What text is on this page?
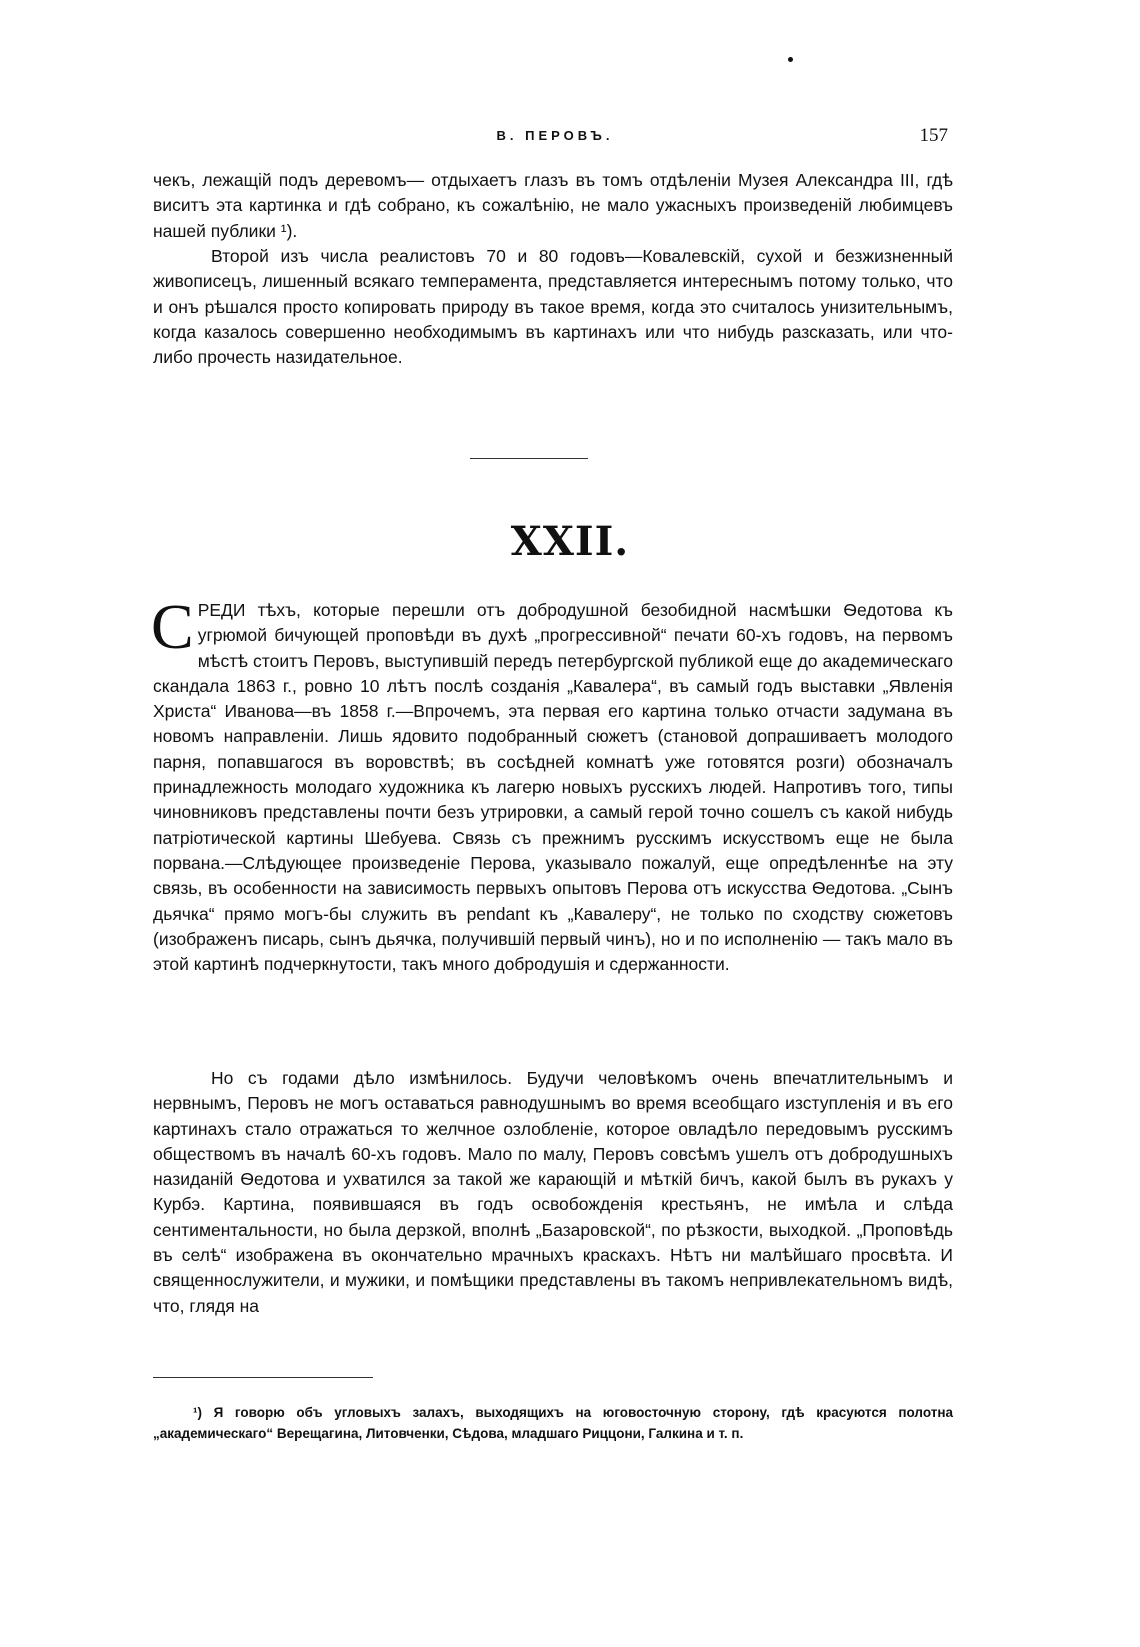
В. ПЕРОВЪ.	157

чекъ, лежащій подъ деревомъ— отдыхаетъ глазъ въ томъ отдѣленіи Музея Александра III, гдѣ виситъ эта картинка и гдѣ собрано, къ сожалѣнію, не мало ужасныхъ произведеній любимцевъ нашей публики ¹).

Второй изъ числа реалистовъ 70 и 80 годовъ—Ковалевскій, сухой и безжизненный живописецъ, лишенный всякаго темперамента, представляется интереснымъ потому только, что и онъ рѣшался просто копировать природу въ такое время, когда это считалось унизительнымъ, когда казалось совершенно необходимымъ въ картинахъ или что нибудь разсказать, или что-либо прочесть назидательное.

XXII.
СРЕДИ тѣхъ, которые перешли отъ добродушной безобидной насмѣшки Ѳедотова къ угрюмой бичующей проповѣди въ духѣ „прогрессивной“ печати 60-хъ годовъ, на первомъ мѣстѣ стоитъ Перовъ, выступившій передъ петербургской публикой еще до академическаго скандала 1863 г., ровно 10 лѣтъ послѣ созданія „Кавалера“, въ самый годъ выставки „Явленія Христа“ Иванова—въ 1858 г.—Впрочемъ, эта первая его картина только отчасти задумана въ новомъ направленіи. Лишь ядовито подобранный сюжетъ (становой допрашиваетъ молодого парня, попавшагося въ воровствѣ; въ сосѣдней комнатѣ уже готовятся розги) обозначалъ принадлежность молодаго художника къ лагерю новыхъ русскихъ людей. Напротивъ того, типы чиновниковъ представлены почти безъ утрировки, а самый герой точно сошелъ съ какой нибудь патріотической картины Шебуева. Связь съ прежнимъ русскимъ искусствомъ еще не была порвана.—Слѣдующее произведеніе Перова, указывало пожалуй, еще опредѣленнѣе на эту связь, въ особенности на зависимость первыхъ опытовъ Перова отъ искусства Ѳедотова. „Сынъ дьячка“ прямо могъ-бы служить въ pendant къ „Кавалеру“, не только по сходству сюжетовъ (изображенъ писарь, сынъ дьячка, получившій первый чинъ), но и по исполненію — такъ мало въ этой картинѣ подчеркнутости, такъ много добродушія и сдержанности.

Но съ годами дѣло измѣнилось. Будучи человѣкомъ очень впечатлительнымъ и нервнымъ, Перовъ не могъ оставаться равнодушнымъ во время всеобщаго изступленія и въ его картинахъ стало отражаться то желчное озлобленіе, которое овладѣло передовымъ русскимъ обществомъ въ началѣ 60-хъ годовъ. Мало по малу, Перовъ совсѣмъ ушелъ отъ добродушныхъ назиданій Ѳедотова и ухватился за такой же карающій и мѣткій бичъ, какой былъ въ рукахъ у Курбэ. Картина, появившаяся въ годъ освобожденія крестьянъ, не имѣла и слѣда сентиментальности, но была дерзкой, вполнѣ „Базаровской“, по рѣзкости, выходкой. „Проповѣдь въ селѣ“ изображена въ окончательно мрачныхъ краскахъ. Нѣтъ ни малѣйшаго просвѣта. И священнослужители, и мужики, и помѣщики представлены въ такомъ непривлекательномъ видѣ, что, глядя на

¹) Я говорю объ угловыхъ залахъ, выходящихъ на юговосточную сторону, гдѣ красуются полотна „академическаго“ Верещагина, Литовченки, Сѣдова, младшаго Риццони, Галкина и т. п.
